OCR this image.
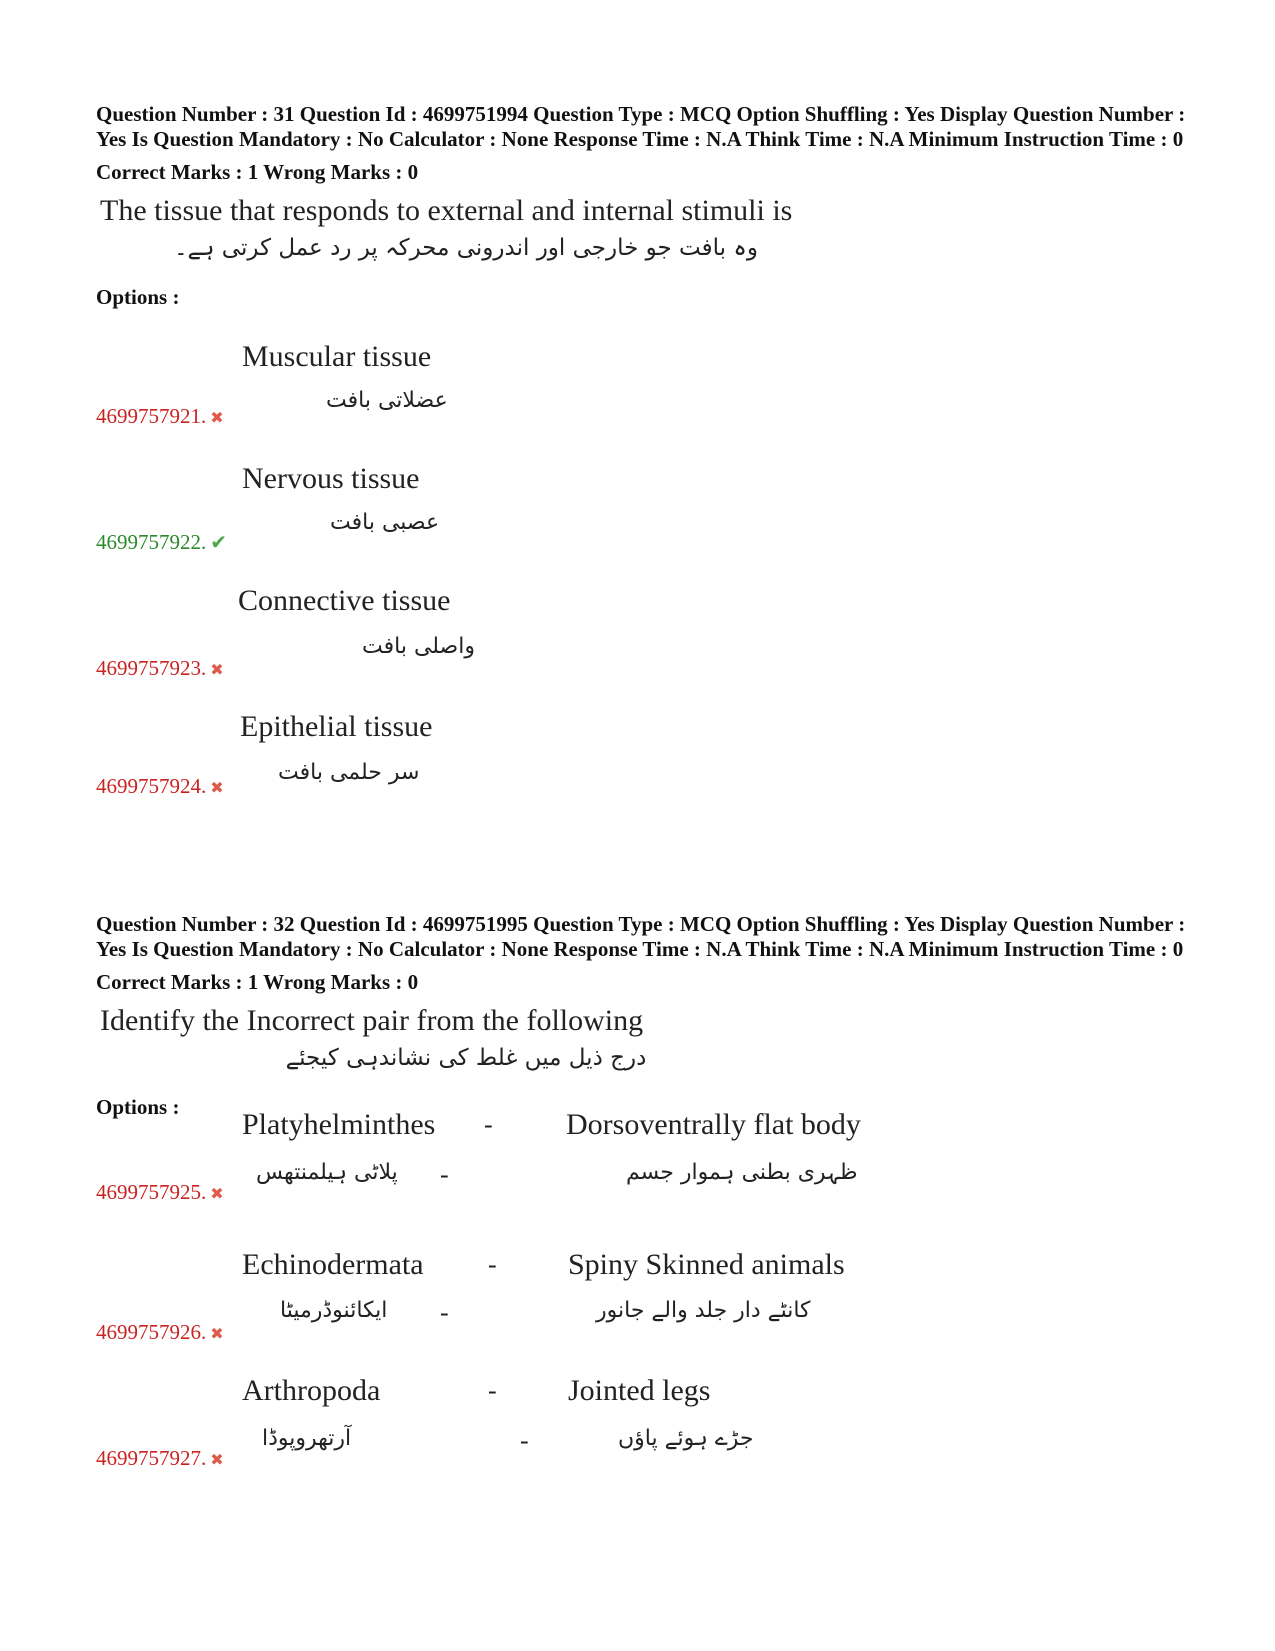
Question Number : 31 Question Id : 4699751994 Question Type : MCQ Option Shuffling : Yes Display Question Number : Yes Is Question Mandatory : No Calculator : None Response Time : N.A Think Time : N.A Minimum Instruction Time : 0
Correct Marks : 1 Wrong Marks : 0
The tissue that responds to external and internal stimuli is
وہ بافت جو خارجی اور اندرونی محرکہ پر رد عمل کرتی ہے۔
Options :
Muscular tissue
عضلاتی بافت
4699757921. ✖
Nervous tissue
عصبی بافت
4699757922. ✔
Connective tissue
واصلی بافت
4699757923. ✖
Epithelial tissue
سر حلمی بافت
4699757924. ✖
Question Number : 32 Question Id : 4699751995 Question Type : MCQ Option Shuffling : Yes Display Question Number : Yes Is Question Mandatory : No Calculator : None Response Time : N.A Think Time : N.A Minimum Instruction Time : 0
Correct Marks : 1 Wrong Marks : 0
Identify the Incorrect pair from the following
درج ذیل میں غلط کی نشاندہی کیجئے
Options :
Platyhelminthes - Dorsoventrally flat body
پلاٹی ہیلمنتھس -	ظہری بطنی ہموار جسم
4699757925. ✖
Echinodermata - Spiny Skinned animals
ایکائنوڈرمیٹا -	کانٹے دار جلد والے جانور
4699757926. ✖
Arthropoda	- Jointed legs
آرتھروپوڈا	-	جڑے ہوئے پاؤں
4699757927. ✖
